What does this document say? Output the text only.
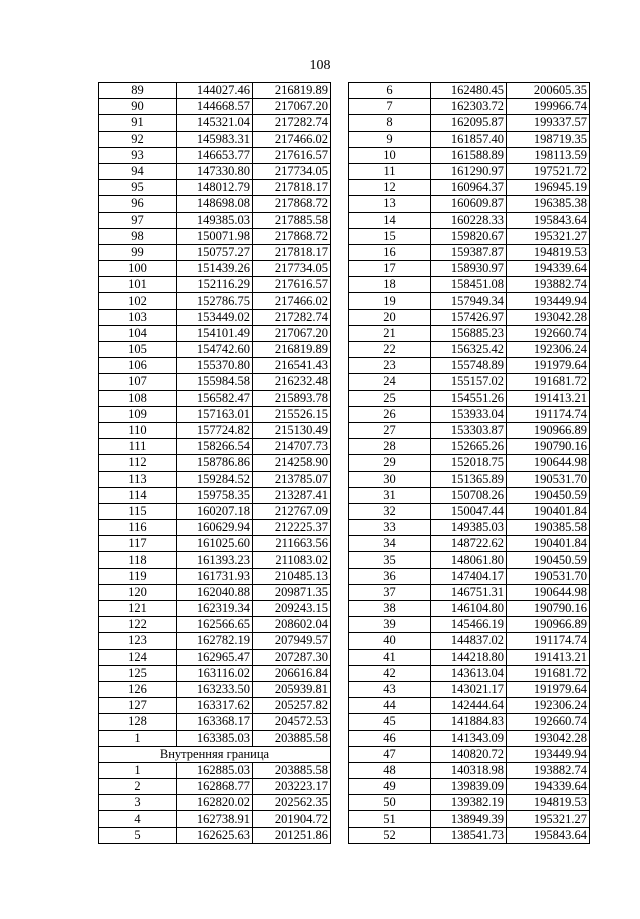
108
89	144027.46	216819.89
90	144668.57	217067.20
91	145321.04	217282.74
92	145983.31	217466.02
93	146653.77	217616.57
94	147330.80	217734.05
95	148012.79	217818.17
96	148698.08	217868.72
97	149385.03	217885.58
98	150071.98	217868.72
99	150757.27	217818.17
100	151439.26	217734.05
101	152116.29	217616.57
102	152786.75	217466.02
103	153449.02	217282.74
104	154101.49	217067.20
105	154742.60	216819.89
106	155370.80	216541.43
107	155984.58	216232.48
108	156582.47	215893.78
109	157163.01	215526.15
110	157724.82	215130.49
111	158266.54	214707.73
112	158786.86	214258.90
113	159284.52	213785.07
114	159758.35	213287.41
115	160207.18	212767.09
116	160629.94	212225.37
117	161025.60	211663.56
118	161393.23	211083.02
119	161731.93	210485.13
120	162040.88	209871.35
121	162319.34	209243.15
122	162566.65	208602.04
123	162782.19	207949.57
124	162965.47	207287.30
125	163116.02	206616.84
126	163233.50	205939.81
127	163317.62	205257.82
128	163368.17	204572.53
1	163385.03	203885.58
Внутренняя граница		
1	162885.03	203885.58
2	162868.77	203223.17
3	162820.02	202562.35
4	162738.91	201904.72
5	162625.63	201251.86
6	162480.45	200605.35
7	162303.72	199966.74
8	162095.87	199337.57
9	161857.40	198719.35
10	161588.89	198113.59
11	161290.97	197521.72
12	160964.37	196945.19
13	160609.87	196385.38
14	160228.33	195843.64
15	159820.67	195321.27
16	159387.87	194819.53
17	158930.97	194339.64
18	158451.08	193882.74
19	157949.34	193449.94
20	157426.97	193042.28
21	156885.23	192660.74
22	156325.42	192306.24
23	155748.89	191979.64
24	155157.02	191681.72
25	154551.26	191413.21
26	153933.04	191174.74
27	153303.87	190966.89
28	152665.26	190790.16
29	152018.75	190644.98
30	151365.89	190531.70
31	150708.26	190450.59
32	150047.44	190401.84
33	149385.03	190385.58
34	148722.62	190401.84
35	148061.80	190450.59
36	147404.17	190531.70
37	146751.31	190644.98
38	146104.80	190790.16
39	145466.19	190966.89
40	144837.02	191174.74
41	144218.80	191413.21
42	143613.04	191681.72
43	143021.17	191979.64
44	142444.64	192306.24
45	141884.83	192660.74
46	141343.09	193042.28
47	140820.72	193449.94
48	140318.98	193882.74
49	139839.09	194339.64
50	139382.19	194819.53
51	138949.39	195321.27
52	138541.73	195843.64
